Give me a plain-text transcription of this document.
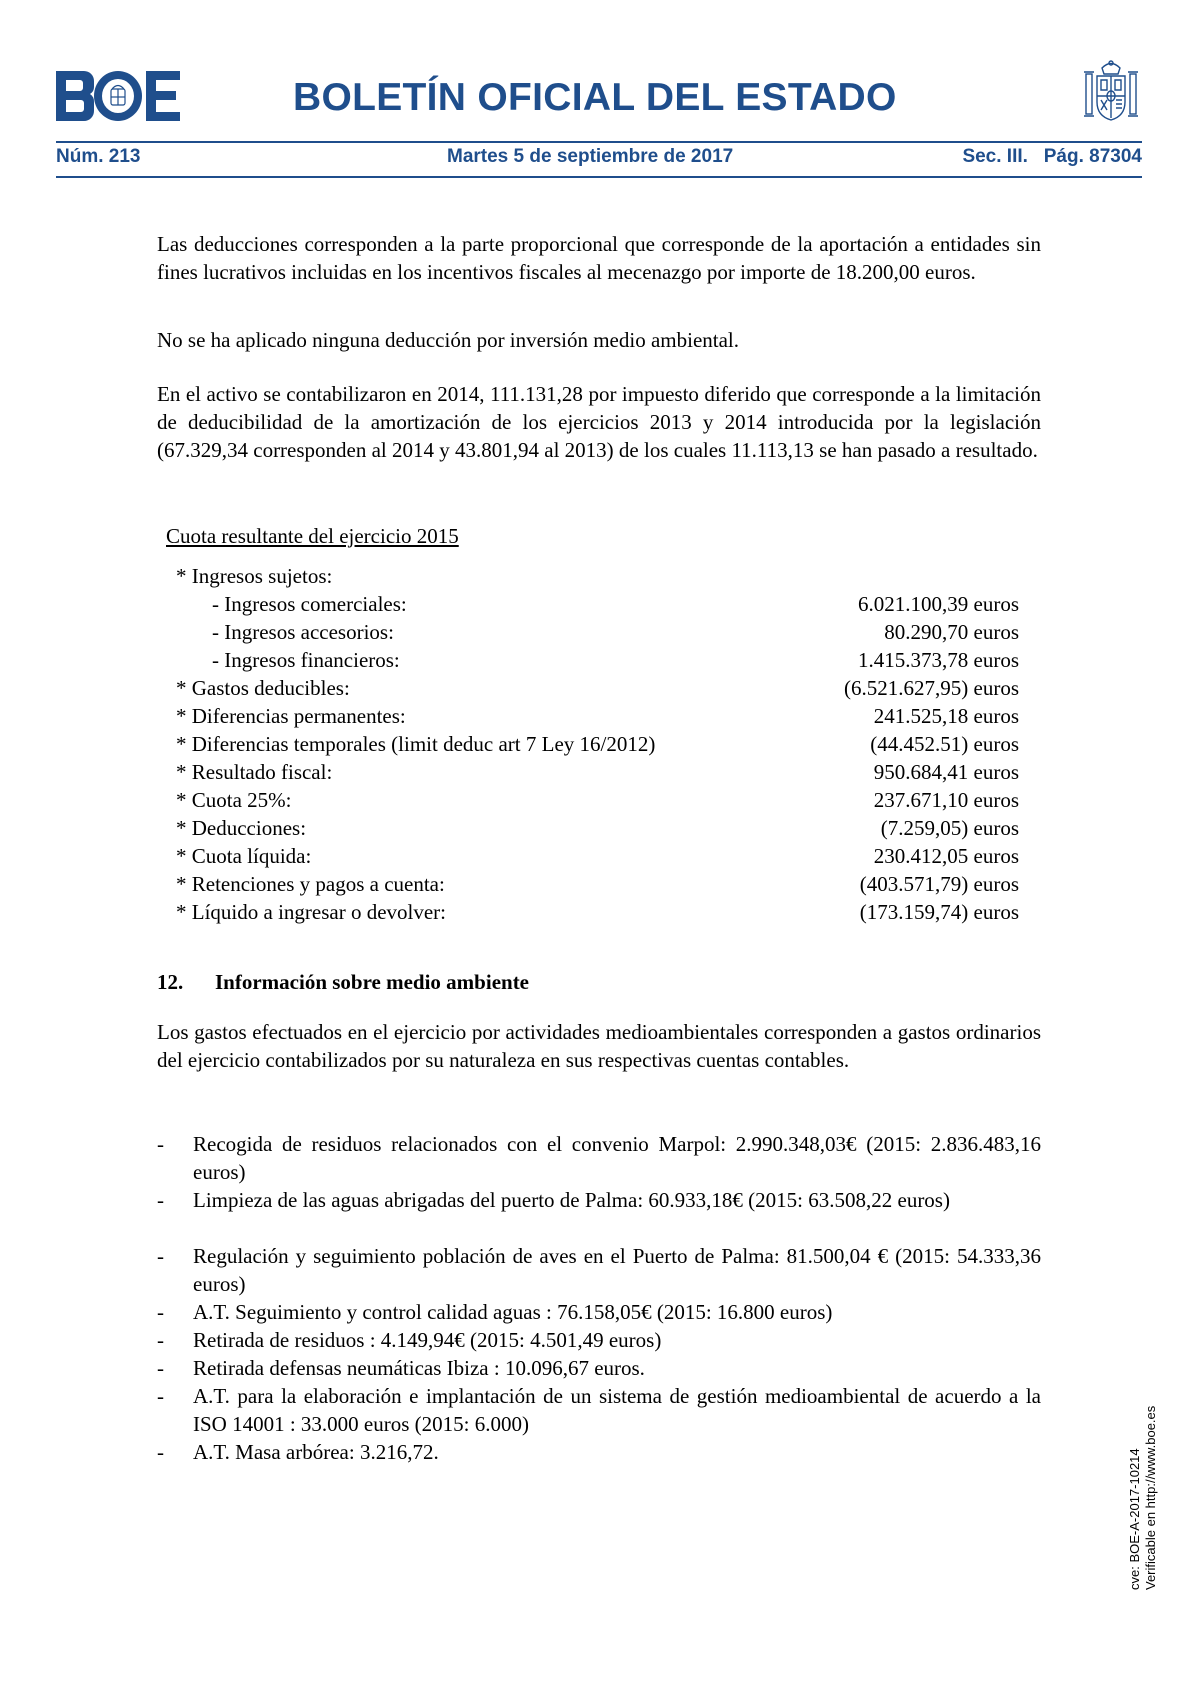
BOLETÍN OFICIAL DEL ESTADO
Núm. 213	Martes 5 de septiembre de 2017	Sec. III.   Pág. 87304

Las deducciones corresponden a la parte proporcional que corresponde de la aportación a entidades sin fines lucrativos incluidas en los incentivos fiscales al mecenazgo por importe de 18.200,00 euros.

No se ha aplicado ninguna deducción por inversión medio ambiental.

En el activo se contabilizaron en 2014, 111.131,28 por impuesto diferido que corresponde a la limitación de deducibilidad de la amortización de los ejercicios 2013 y 2014 introducida por la legislación (67.329,34 corresponden al 2014 y 43.801,94 al 2013) de los cuales 11.113,13 se han pasado a resultado.

Cuota resultante del ejercicio 2015
* Ingresos sujetos:
- Ingresos comerciales:	6.021.100,39 euros
- Ingresos accesorios:	80.290,70 euros
- Ingresos financieros:	1.415.373,78 euros
* Gastos deducibles:	(6.521.627,95) euros
* Diferencias permanentes:	241.525,18 euros
* Diferencias temporales (limit deduc art 7 Ley 16/2012)	(44.452.51) euros
* Resultado fiscal:	950.684,41 euros
* Cuota 25%:	237.671,10 euros
* Deducciones:	(7.259,05) euros
* Cuota líquida:	230.412,05 euros
* Retenciones y pagos a cuenta:	(403.571,79) euros
* Líquido a ingresar o devolver:	(173.159,74) euros
12. Información sobre medio ambiente

Los gastos efectuados en el ejercicio por actividades medioambientales corresponden a gastos ordinarios del ejercicio contabilizados por su naturaleza en sus respectivas cuentas contables.

- Recogida de residuos relacionados con el convenio Marpol: 2.990.348,03€ (2015: 2.836.483,16 euros)
- Limpieza de las aguas abrigadas del puerto de Palma: 60.933,18€ (2015: 63.508,22 euros)
- Regulación y seguimiento población de aves en el Puerto de Palma: 81.500,04 € (2015: 54.333,36 euros)
- A.T. Seguimiento y control calidad aguas : 76.158,05€ (2015: 16.800 euros)
- Retirada de residuos : 4.149,94€ (2015: 4.501,49 euros)
- Retirada defensas neumáticas Ibiza : 10.096,67 euros.
- A.T. para la elaboración e implantación de un sistema de gestión medioambiental de acuerdo a la ISO 14001 : 33.000 euros (2015: 6.000)
- A.T. Masa arbórea: 3.216,72.	cve: BOE-A-2017-10214 Verificable en http://www.boe.es
